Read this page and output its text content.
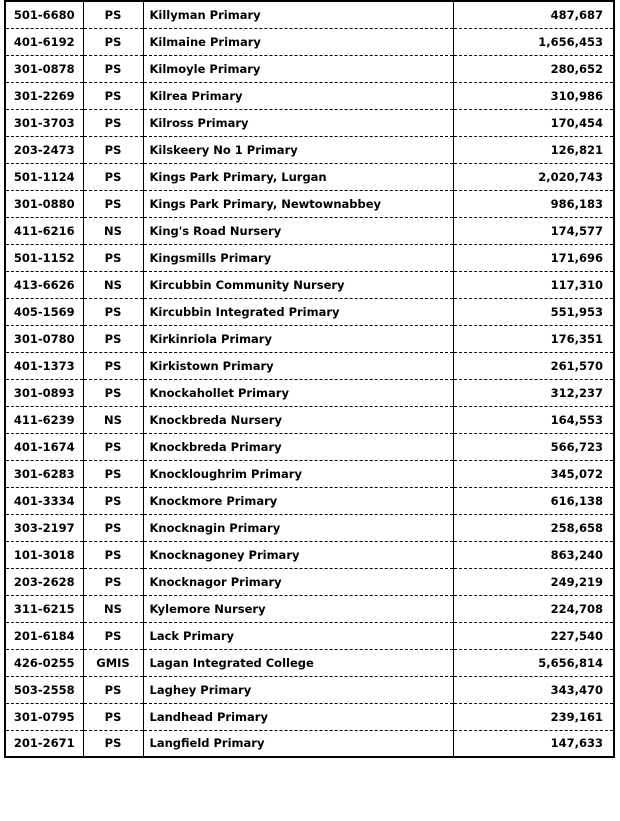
501-6680	PS	Killyman Primary	487,687
401-6192	PS	Kilmaine Primary	1,656,453
301-0878	PS	Kilmoyle Primary	280,652
301-2269	PS	Kilrea Primary	310,986
301-3703	PS	Kilross Primary	170,454
203-2473	PS	Kilskeery No 1 Primary	126,821
501-1124	PS	Kings Park Primary, Lurgan	2,020,743
301-0880	PS	Kings Park Primary, Newtownabbey	986,183
411-6216	NS	King's Road Nursery	174,577
501-1152	PS	Kingsmills Primary	171,696
413-6626	NS	Kircubbin Community Nursery	117,310
405-1569	PS	Kircubbin Integrated Primary	551,953
301-0780	PS	Kirkinriola Primary	176,351
401-1373	PS	Kirkistown Primary	261,570
301-0893	PS	Knockahollet Primary	312,237
411-6239	NS	Knockbreda Nursery	164,553
401-1674	PS	Knockbreda Primary	566,723
301-6283	PS	Knockloughrim Primary	345,072
401-3334	PS	Knockmore Primary	616,138
303-2197	PS	Knocknagin Primary	258,658
101-3018	PS	Knocknagoney Primary	863,240
203-2628	PS	Knocknagor Primary	249,219
311-6215	NS	Kylemore Nursery	224,708
201-6184	PS	Lack Primary	227,540
426-0255	GMIS	Lagan Integrated College	5,656,814
503-2558	PS	Laghey Primary	343,470
301-0795	PS	Landhead Primary	239,161
201-2671	PS	Langfield Primary	147,633
